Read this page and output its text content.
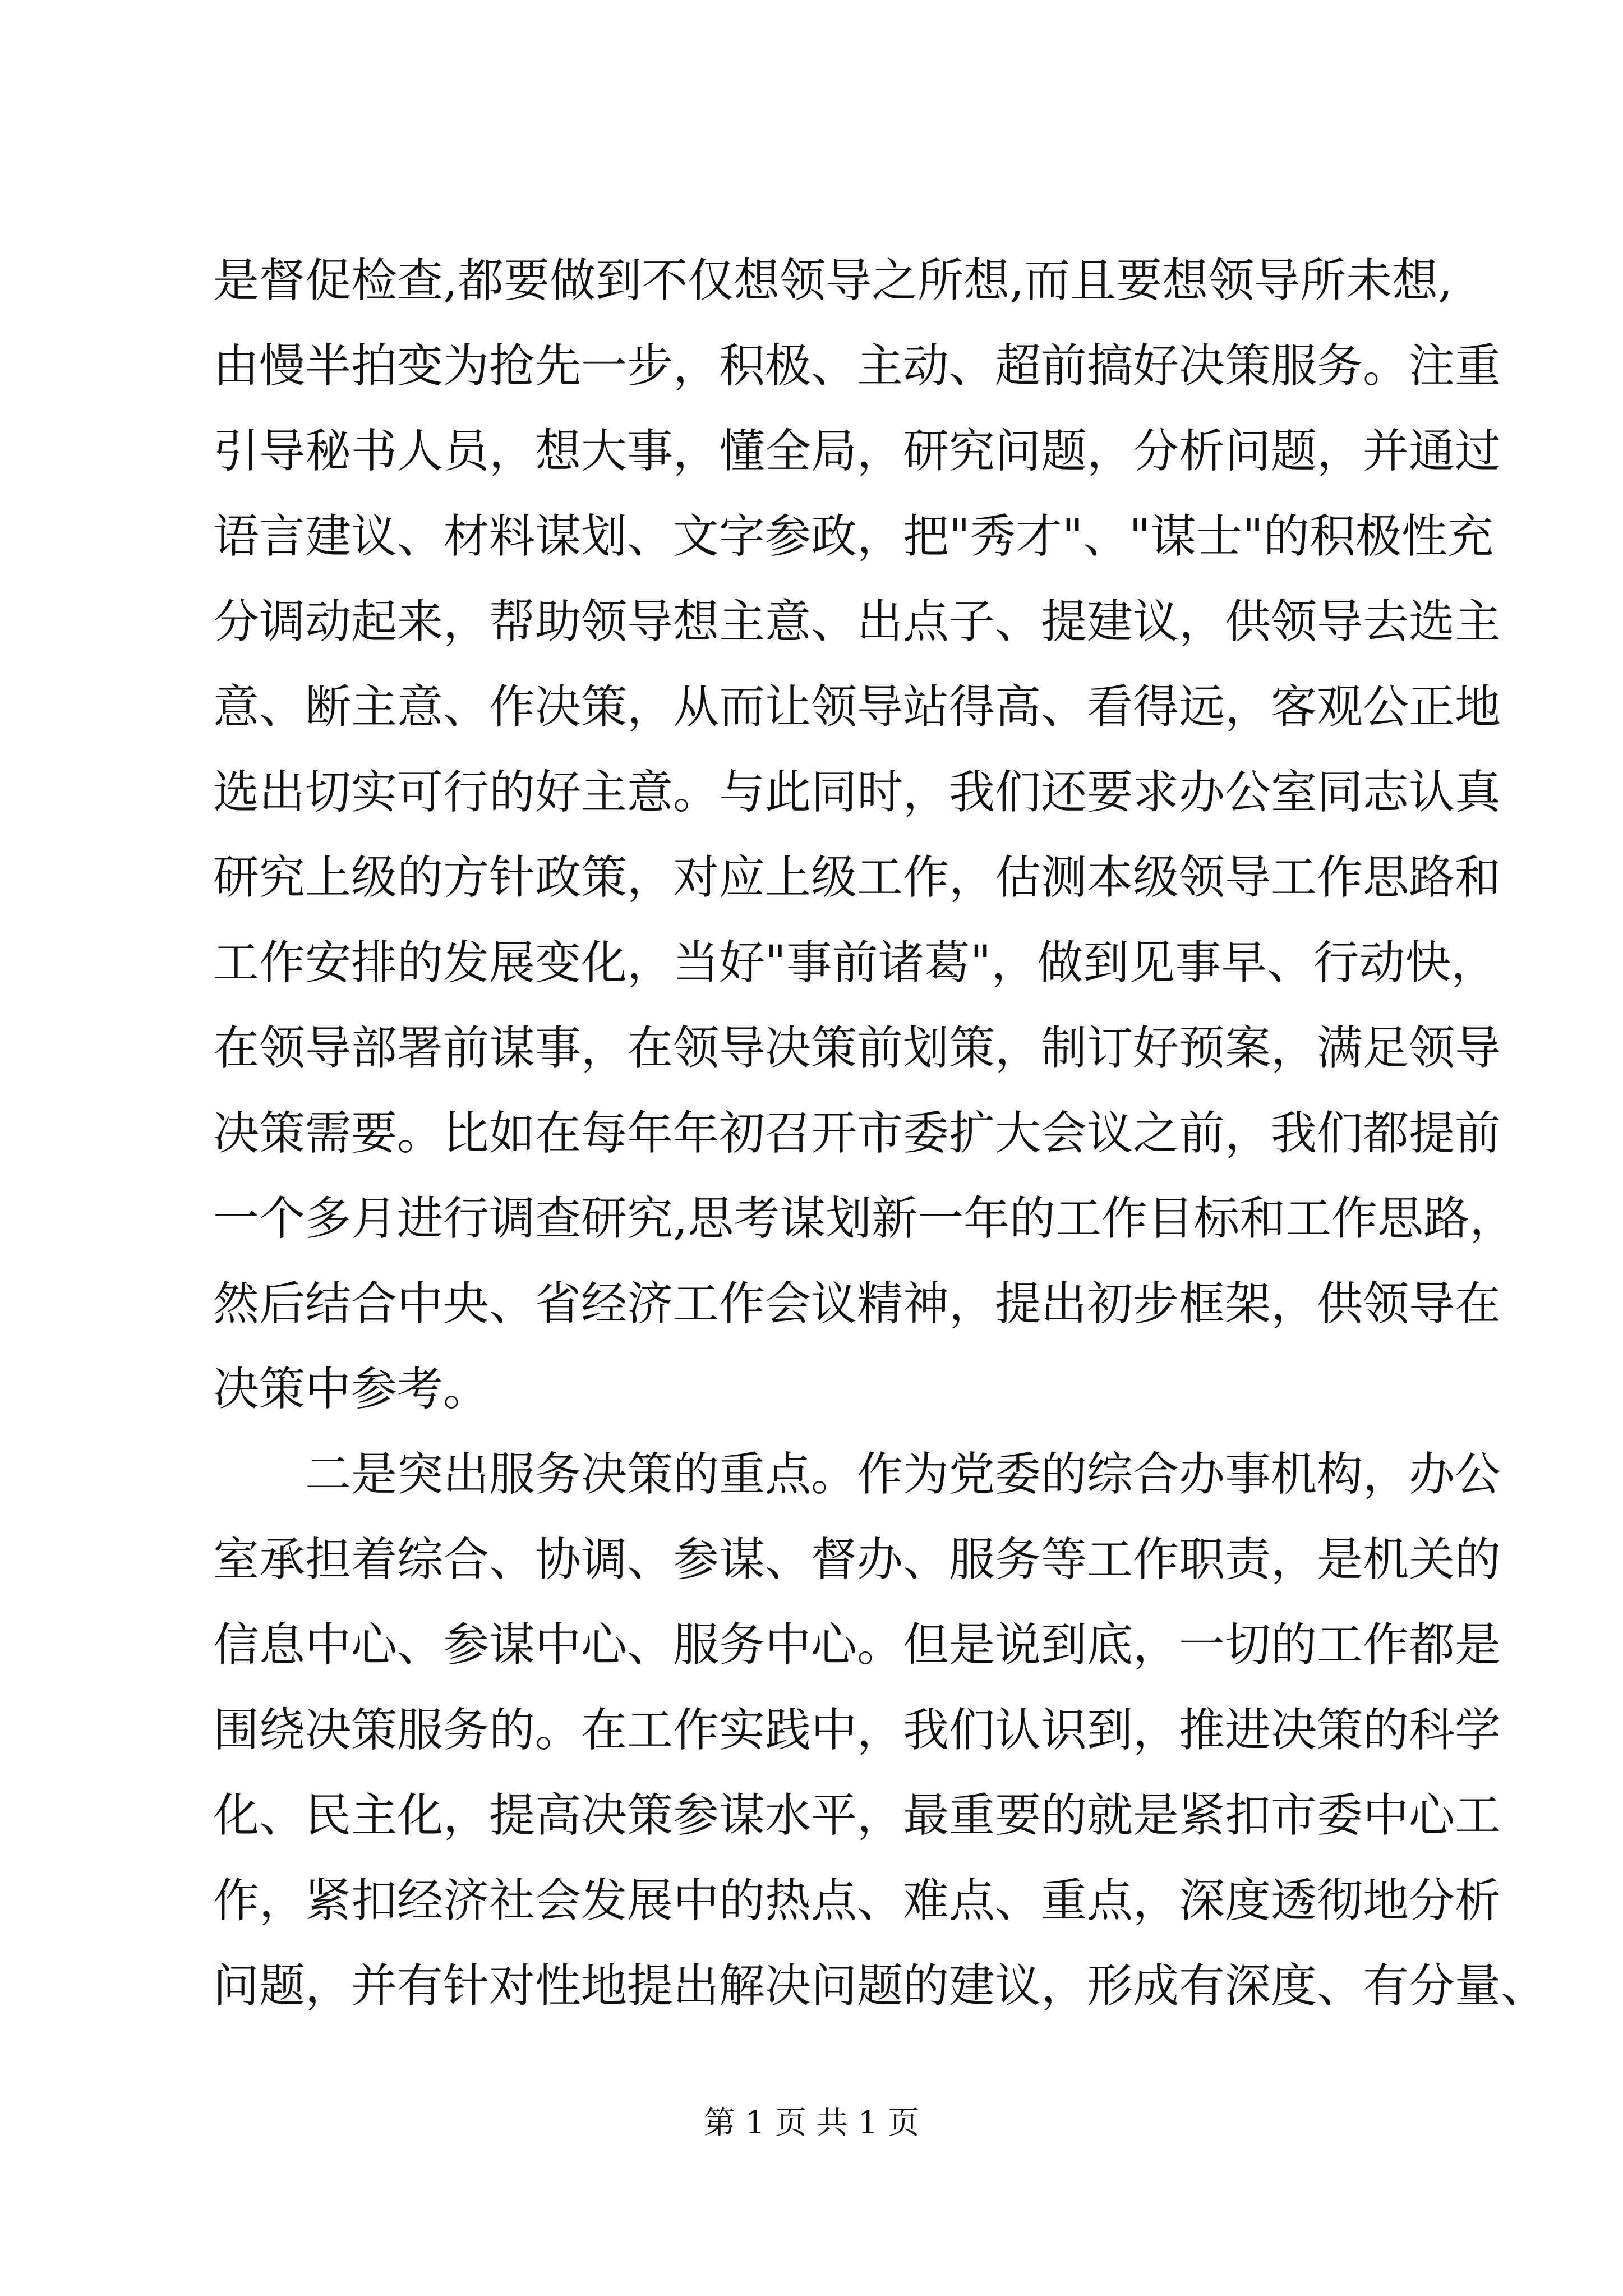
是督促检查,都要做到不仅想领导之所想,而且要想领导所未想,
由慢半拍变为抢先一步，积极、主动、超前搞好决策服务。注重
引导秘书人员，想大事，懂全局，研究问题，分析问题，并通过
语言建议、材料谋划、文字参政，把"秀才"、"谋士"的积极性充
分调动起来，帮助领导想主意、出点子、提建议，供领导去选主
意、断主意、作决策，从而让领导站得高、看得远，客观公正地
选出切实可行的好主意。与此同时，我们还要求办公室同志认真
研究上级的方针政策，对应上级工作，估测本级领导工作思路和
工作安排的发展变化，当好"事前诸葛"，做到见事早、行动快，
在领导部署前谋事，在领导决策前划策，制订好预案，满足领导
决策需要。比如在每年年初召开市委扩大会议之前，我们都提前
一个多月进行调查研究,思考谋划新一年的工作目标和工作思路，
然后结合中央、省经济工作会议精神，提出初步框架，供领导在
决策中参考。
二是突出服务决策的重点。作为党委的综合办事机构，办公
室承担着综合、协调、参谋、督办、服务等工作职责，是机关的
信息中心、参谋中心、服务中心。但是说到底，一切的工作都是
围绕决策服务的。在工作实践中，我们认识到，推进决策的科学
化、民主化，提高决策参谋水平，最重要的就是紧扣市委中心工
作，紧扣经济社会发展中的热点、难点、重点，深度透彻地分析
问题，并有针对性地提出解决问题的建议，形成有深度、有分量、
第 1 页 共 1 页
